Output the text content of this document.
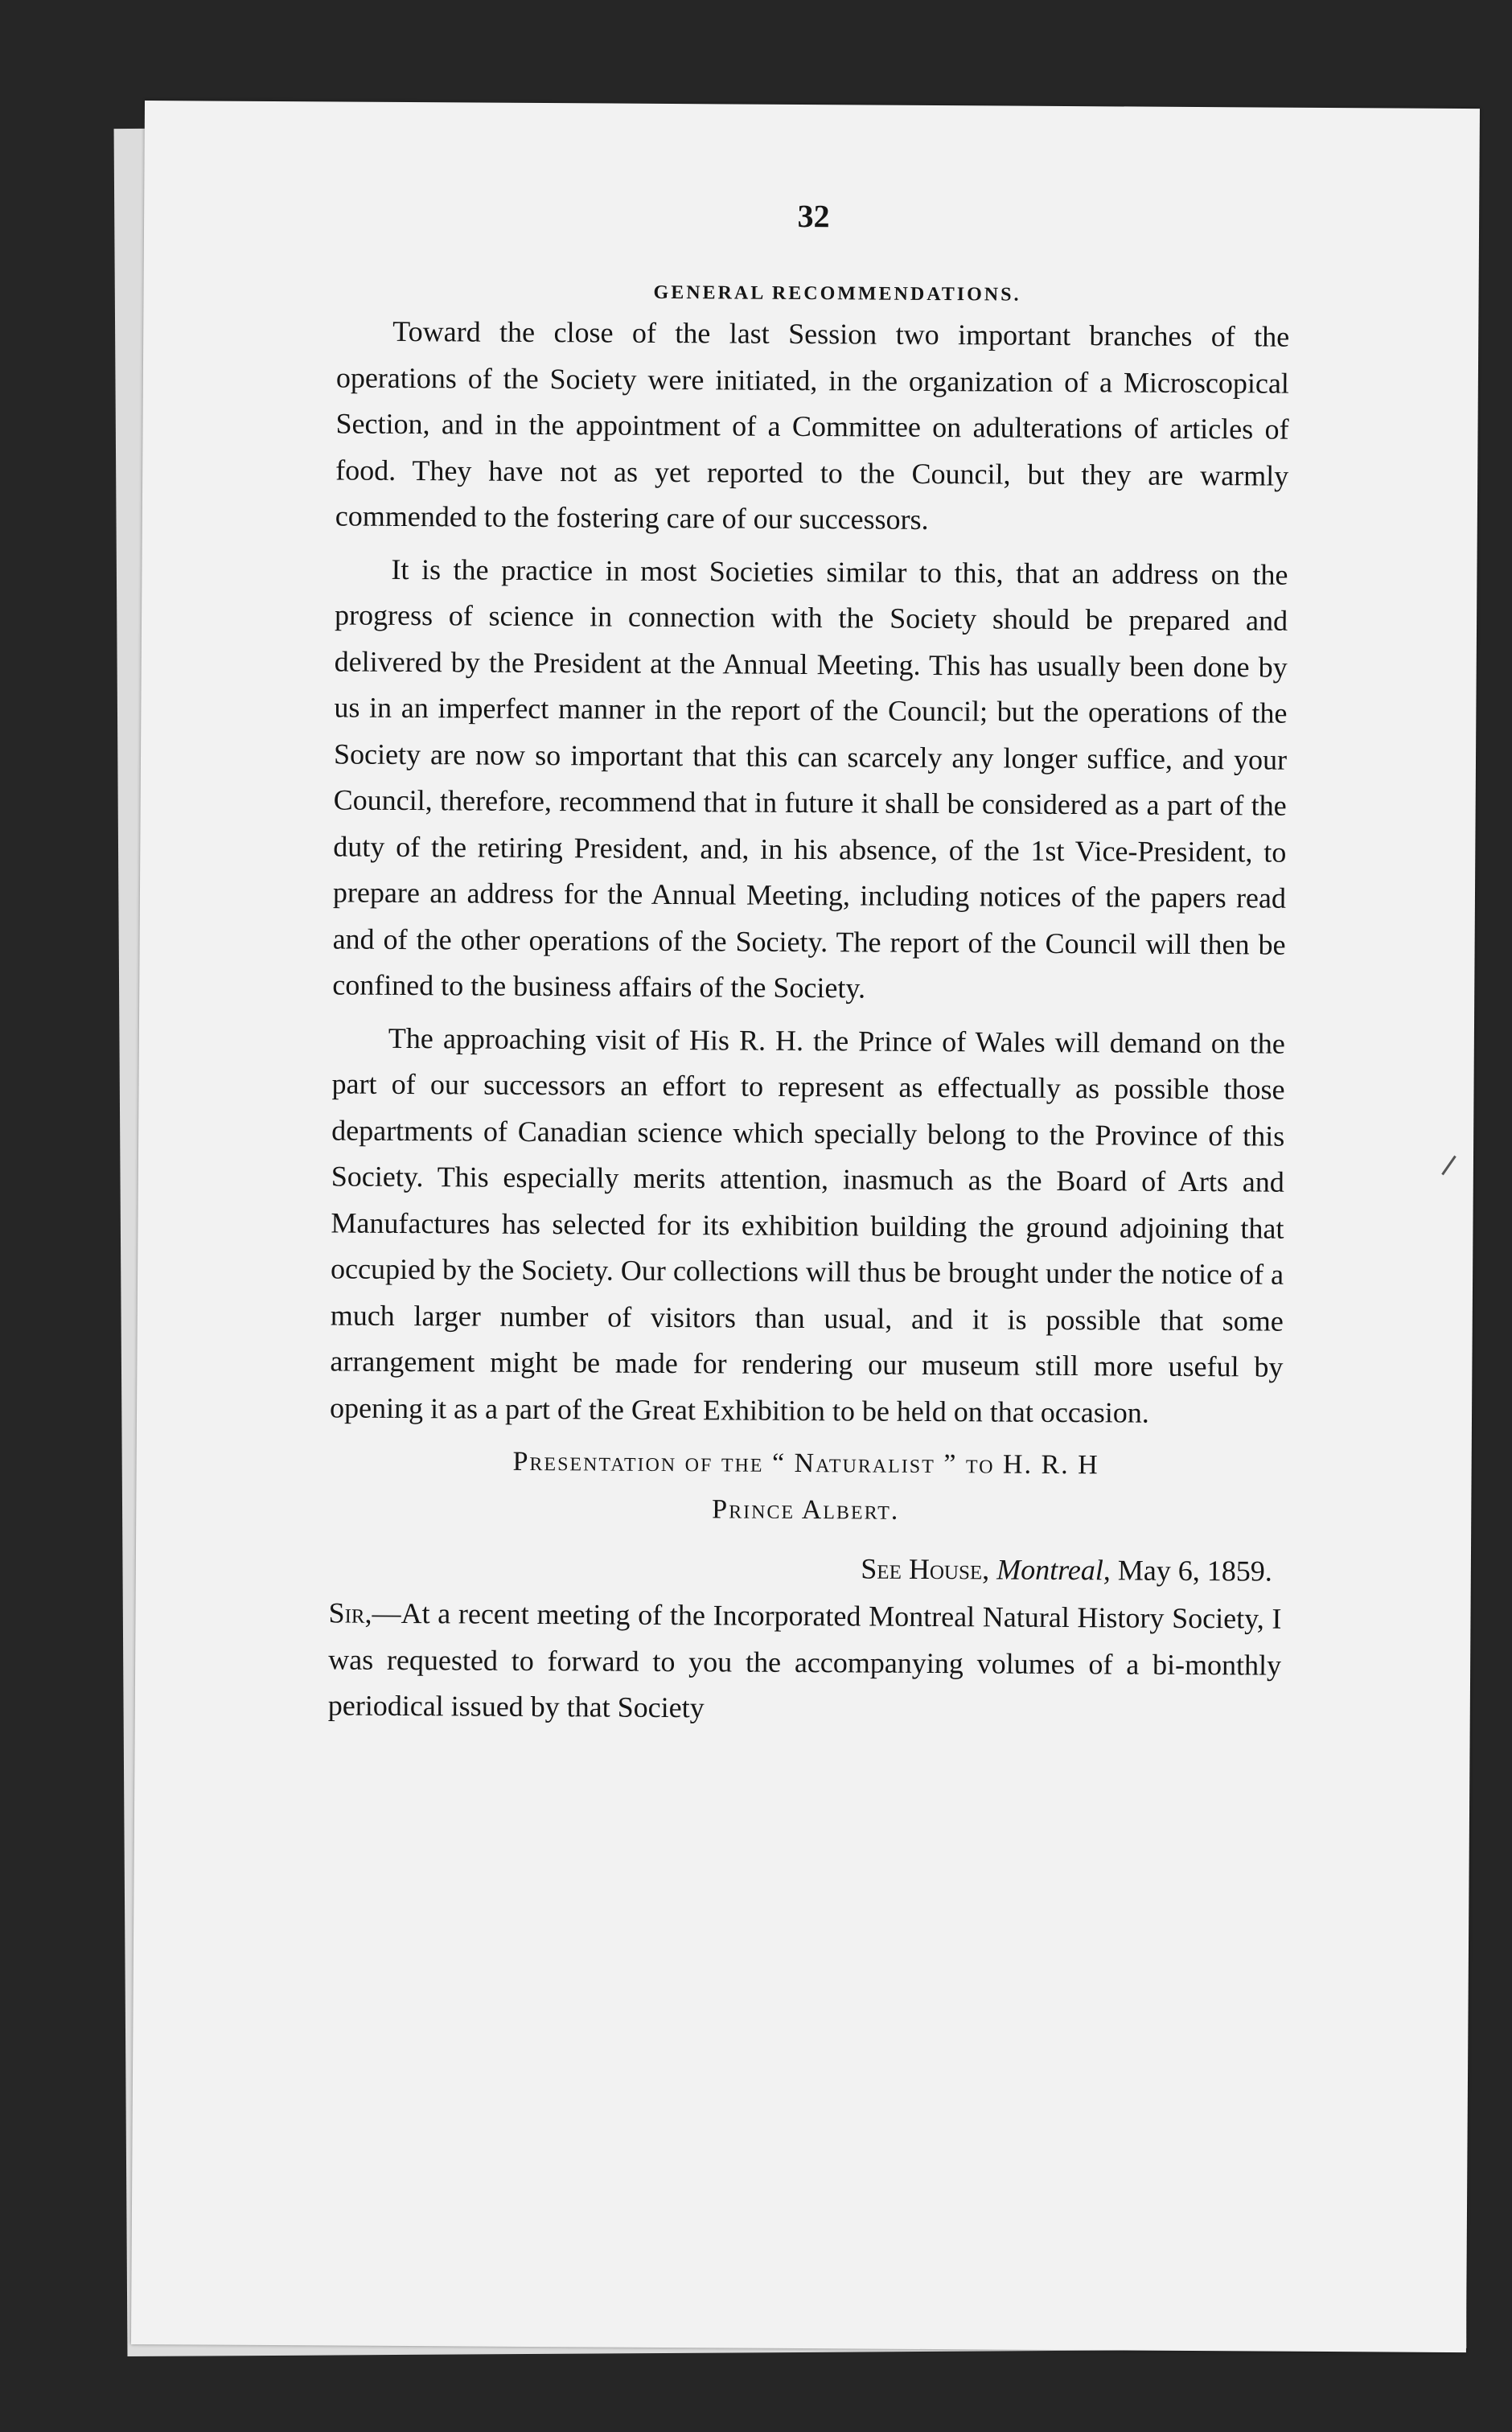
32
GENERAL RECOMMENDATIONS.

Toward the close of the last Session two important branches of the operations of the Society were initiated, in the organization of a Microscopical Section, and in the appointment of a Committee on adulterations of articles of food. They have not as yet reported to the Council, but they are warmly commended to the fostering care of our successors.

It is the practice in most Societies similar to this, that an address on the progress of science in connection with the Society should be prepared and delivered by the President at the Annual Meeting. This has usually been done by us in an imperfect manner in the report of the Council; but the operations of the Society are now so important that this can scarcely any longer suffice, and your Council, therefore, recommend that in future it shall be considered as a part of the duty of the retiring President, and, in his absence, of the 1st Vice-President, to prepare an address for the Annual Meeting, including notices of the papers read and of the other operations of the Society. The report of the Council will then be confined to the business affairs of the Society.

The approaching visit of His R. H. the Prince of Wales will demand on the part of our successors an effort to represent as effectually as possible those departments of Canadian science which specially belong to the Province of this Society. This especially merits attention, inasmuch as the Board of Arts and Manufactures has selected for its exhibition building the ground adjoining that occupied by the Society. Our collections will thus be brought under the notice of a much larger number of visitors than usual, and it is possible that some arrangement might be made for rendering our museum still more useful by opening it as a part of the Great Exhibition to be held on that occasion.

Presentation of the “ Naturalist ” to H. R. H
Prince Albert.
See House, Montreal, May 6, 1859.

Sir,—At a recent meeting of the Incorporated Montreal Natural History Society, I was requested to forward to you the accompanying volumes of a bi-monthly periodical issued by that Society
